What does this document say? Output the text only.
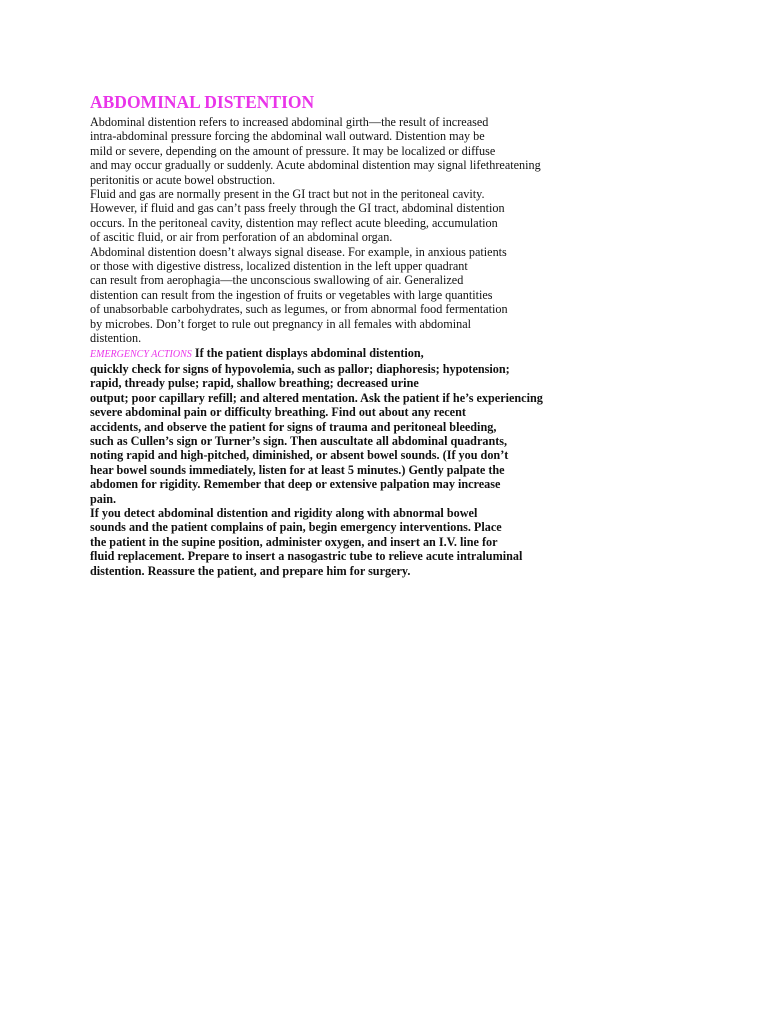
ABDOMINAL DISTENTION
Abdominal distention refers to increased abdominal girth—the result of increased
intra-abdominal pressure forcing the abdominal wall outward. Distention may be
mild or severe, depending on the amount of pressure. It may be localized or diffuse
and may occur gradually or suddenly. Acute abdominal distention may signal lifethreatening
peritonitis or acute bowel obstruction.
Fluid and gas are normally present in the GI tract but not in the peritoneal cavity.
However, if fluid and gas can’t pass freely through the GI tract, abdominal distention
occurs. In the peritoneal cavity, distention may reflect acute bleeding, accumulation
of ascitic fluid, or air from perforation of an abdominal organ.
Abdominal distention doesn’t always signal disease. For example, in anxious patients
or those with digestive distress, localized distention in the left upper quadrant
can result from aerophagia—the unconscious swallowing of air. Generalized
distention can result from the ingestion of fruits or vegetables with large quantities
of unabsorbable carbohydrates, such as legumes, or from abnormal food fermentation
by microbes. Don’t forget to rule out pregnancy in all females with abdominal
distention.
EMERGENCY ACTIONS If the patient displays abdominal distention,
quickly check for signs of hypovolemia, such as pallor; diaphoresis; hypotension;
rapid, thready pulse; rapid, shallow breathing; decreased urine
output; poor capillary refill; and altered mentation. Ask the patient if he’s experiencing
severe abdominal pain or difficulty breathing. Find out about any recent
accidents, and observe the patient for signs of trauma and peritoneal bleeding,
such as Cullen’s sign or Turner’s sign. Then auscultate all abdominal quadrants,
noting rapid and high-pitched, diminished, or absent bowel sounds. (If you don’t
hear bowel sounds immediately, listen for at least 5 minutes.) Gently palpate the
abdomen for rigidity. Remember that deep or extensive palpation may increase
pain.
If you detect abdominal distention and rigidity along with abnormal bowel
sounds and the patient complains of pain, begin emergency interventions. Place
the patient in the supine position, administer oxygen, and insert an I.V. line for
fluid replacement. Prepare to insert a nasogastric tube to relieve acute intraluminal
distention. Reassure the patient, and prepare him for surgery.
